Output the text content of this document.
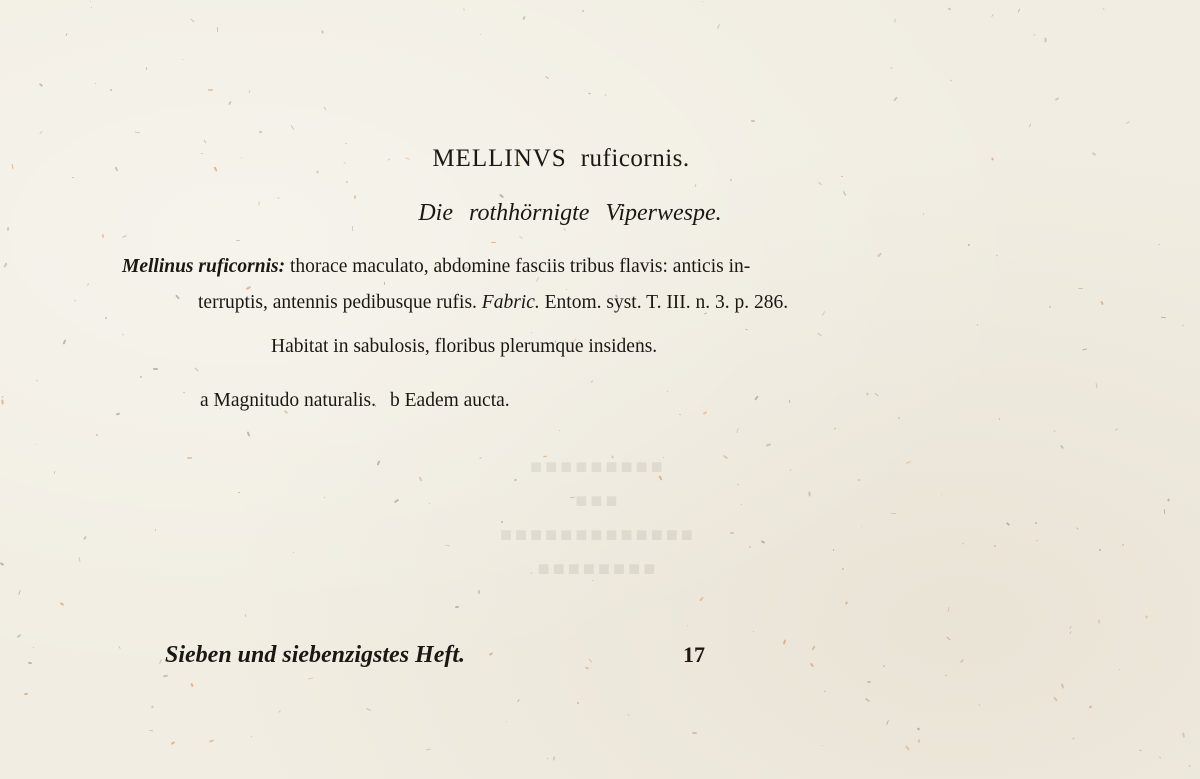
■■■■■■■■■
■■■
■■■■■■■■■■■■■
■■■■■■■■
MELLINVS ruficornis.
Die rothhörnigte Viperwespe.
Mellinus ruficornis: thorace maculato, abdomine fasciis tribus flavis: anticis in-
terruptis, antennis pedibusque rufis. Fabric. Entom. syst. T. III. n. 3. p. 286.
Habitat in sabulosis, floribus plerumque insidens.
a Magnitudo naturalis. b Eadem aucta.
Sieben und siebenzigstes Heft.	17
